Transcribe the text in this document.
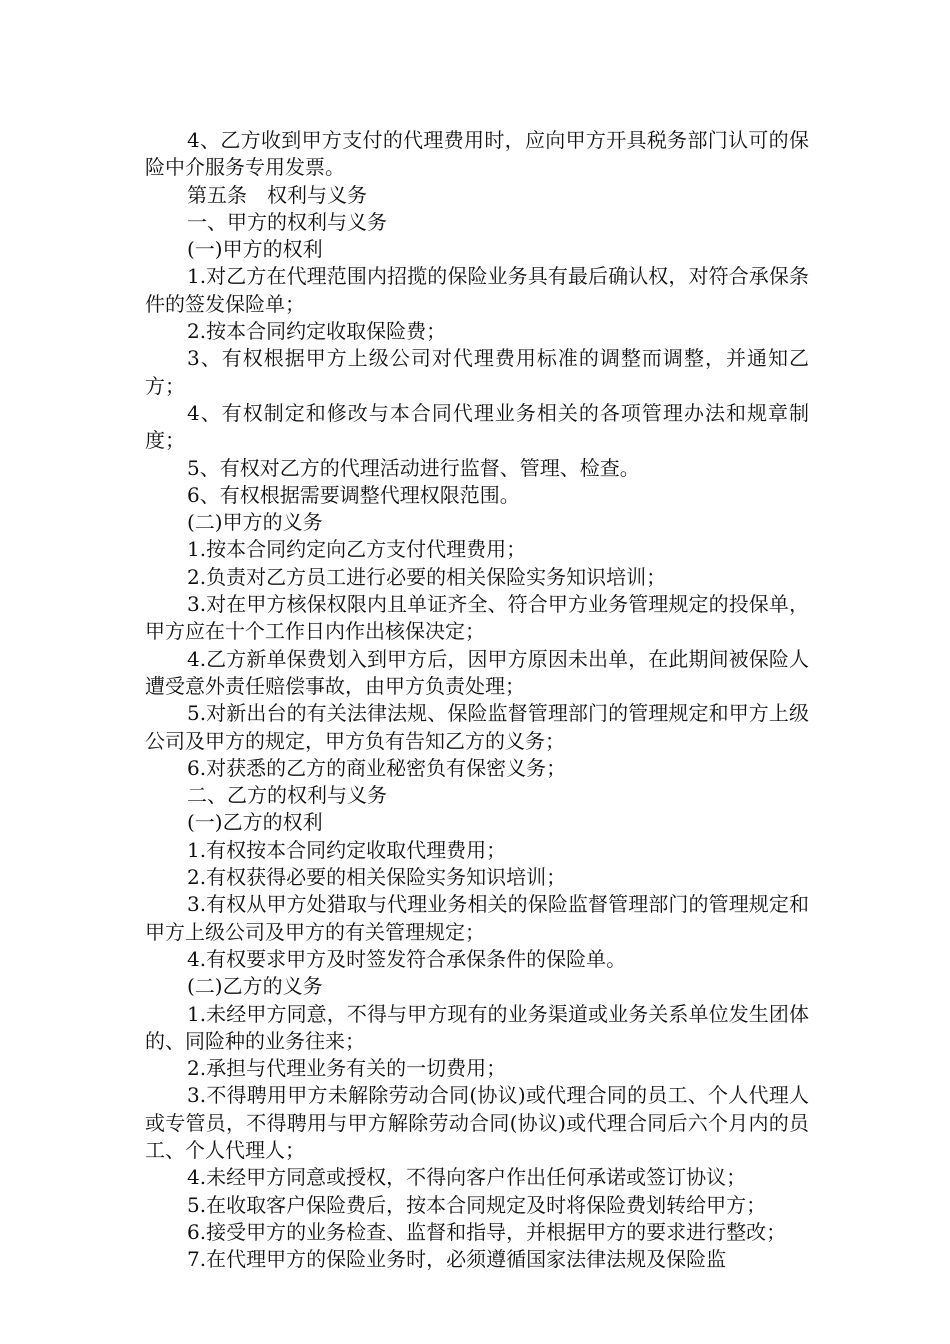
4、乙方收到甲方支付的代理费用时，应向甲方开具税务部门认可的保险中介服务专用发票。

第五条　权利与义务

一、甲方的权利与义务

(一)甲方的权利

1.对乙方在代理范围内招揽的保险业务具有最后确认权，对符合承保条件的签发保险单；

2.按本合同约定收取保险费；

3、有权根据甲方上级公司对代理费用标准的调整而调整，并通知乙方；

4、有权制定和修改与本合同代理业务相关的各项管理办法和规章制度；

5、有权对乙方的代理活动进行监督、管理、检查。

6、有权根据需要调整代理权限范围。

(二)甲方的义务

1.按本合同约定向乙方支付代理费用；

2.负责对乙方员工进行必要的相关保险实务知识培训；

3.对在甲方核保权限内且单证齐全、符合甲方业务管理规定的投保单，甲方应在十个工作日内作出核保决定；

4.乙方新单保费划入到甲方后，因甲方原因未出单，在此期间被保险人遭受意外责任赔偿事故，由甲方负责处理；

5.对新出台的有关法律法规、保险监督管理部门的管理规定和甲方上级公司及甲方的规定，甲方负有告知乙方的义务；

6.对获悉的乙方的商业秘密负有保密义务；

二、乙方的权利与义务

(一)乙方的权利

1.有权按本合同约定收取代理费用；

2.有权获得必要的相关保险实务知识培训；

3.有权从甲方处猎取与代理业务相关的保险监督管理部门的管理规定和甲方上级公司及甲方的有关管理规定；

4.有权要求甲方及时签发符合承保条件的保险单。

(二)乙方的义务

1.未经甲方同意，不得与甲方现有的业务渠道或业务关系单位发生团体的、同险种的业务往来；

2.承担与代理业务有关的一切费用；

3.不得聘用甲方未解除劳动合同(协议)或代理合同的员工、个人代理人或专管员，不得聘用与甲方解除劳动合同(协议)或代理合同后六个月内的员工、个人代理人；

4.未经甲方同意或授权，不得向客户作出任何承诺或签订协议；

5.在收取客户保险费后，按本合同规定及时将保险费划转给甲方；

6.接受甲方的业务检查、监督和指导，并根据甲方的要求进行整改；

7.在代理甲方的保险业务时，必须遵循国家法律法规及保险监
